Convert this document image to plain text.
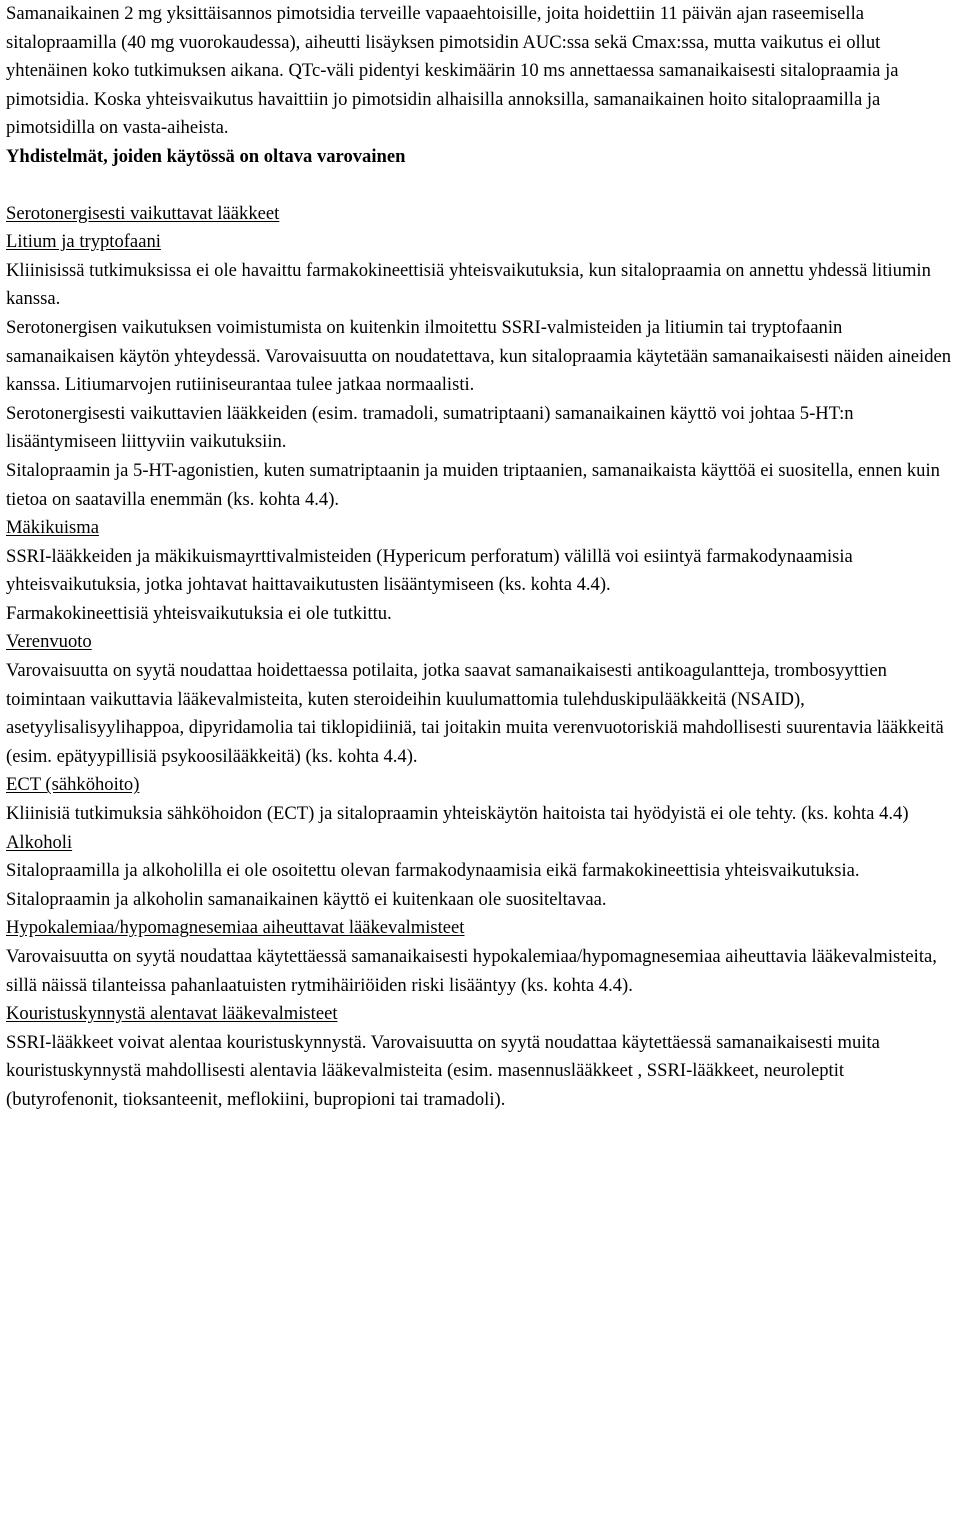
Samanaikainen 2 mg yksittäisannos pimotsidia terveille vapaaehtoisille, joita hoidettiin 11 päivän ajan raseemisella sitalopraamilla (40 mg vuorokaudessa), aiheutti lisäyksen pimotsidin AUC:ssa sekä Cmax:ssa, mutta vaikutus ei ollut yhtenäinen koko tutkimuksen aikana. QTc-väli pidentyi keskimäärin 10 ms annettaessa samanaikaisesti sitalopraamia ja pimotsidia. Koska yhteisvaikutus havaittiin jo pimotsidin alhaisilla annoksilla, samanaikainen hoito sitalopraamilla ja pimotsidilla on vasta-aiheista.

Yhdistelmät, joiden käytössä on oltava varovainen
Serotonergisesti vaikuttavat lääkkeet
Litium ja tryptofaani

Kliinisissä tutkimuksissa ei ole havaittu farmakokineettisiä yhteisvaikutuksia, kun sitalopraamia on annettu yhdessä litiumin kanssa.

Serotonergisen vaikutuksen voimistumista on kuitenkin ilmoitettu SSRI-valmisteiden ja litiumin tai tryptofaanin samanaikaisen käytön yhteydessä. Varovaisuutta on noudatettava, kun sitalopraamia käytetään samanaikaisesti näiden aineiden kanssa. Litiumarvojen rutiiniseurantaa tulee jatkaa normaalisti.

Serotonergisesti vaikuttavien lääkkeiden (esim. tramadoli, sumatriptaani) samanaikainen käyttö voi johtaa 5-HT:n lisääntymiseen liittyviin vaikutuksiin.

Sitalopraamin ja 5-HT-agonistien, kuten sumatriptaanin ja muiden triptaanien, samanaikaista käyttöä ei suositella, ennen kuin tietoa on saatavilla enemmän (ks. kohta 4.4).

Mäkikuisma

SSRI-lääkkeiden ja mäkikuismayrttivalmisteiden (Hypericum perforatum) välillä voi esiintyä farmakodynaamisia yhteisvaikutuksia, jotka johtavat haittavaikutusten lisääntymiseen (ks. kohta 4.4).

Farmakokineettisiä yhteisvaikutuksia ei ole tutkittu.

Verenvuoto

Varovaisuutta on syytä noudattaa hoidettaessa potilaita, jotka saavat samanaikaisesti antikoagulantteja, trombosyyttien toimintaan vaikuttavia lääkevalmisteita, kuten steroideihin kuulumattomia tulehduskipulääkkeitä (NSAID), asetyylisalisyylihappoa, dipyridamolia tai tiklopidiiniä, tai joitakin muita verenvuotoriskiä mahdollisesti suurentavia lääkkeitä (esim. epätyypillisiä psykoosilääkkeitä) (ks. kohta 4.4).

ECT (sähköhoito)

Kliinisiä tutkimuksia sähköhoidon (ECT) ja sitalopraamin yhteiskäytön haitoista tai hyödyistä ei ole tehty. (ks. kohta 4.4)

Alkoholi

Sitalopraamilla ja alkoholilla ei ole osoitettu olevan farmakodynaamisia eikä farmakokineettisia yhteisvaikutuksia. Sitalopraamin ja alkoholin samanaikainen käyttö ei kuitenkaan ole suositeltavaa.

Hypokalemiaa/hypomagnesemiaa aiheuttavat lääkevalmisteet

Varovaisuutta on syytä noudattaa käytettäessä samanaikaisesti hypokalemiaa/hypomagnesemiaa aiheuttavia lääkevalmisteita, sillä näissä tilanteissa pahanlaatuisten rytmihäiriöiden riski lisääntyy (ks. kohta 4.4).

Kouristuskynnystä alentavat lääkevalmisteet

SSRI-lääkkeet voivat alentaa kouristuskynnystä. Varovaisuutta on syytä noudattaa käytettäessä samanaikaisesti muita kouristuskynnystä mahdollisesti alentavia lääkevalmisteita (esim. masennuslääkkeet , SSRI-lääkkeet, neuroleptit (butyrofenonit, tioksanteenit, meflokiini, bupropioni tai tramadoli).
